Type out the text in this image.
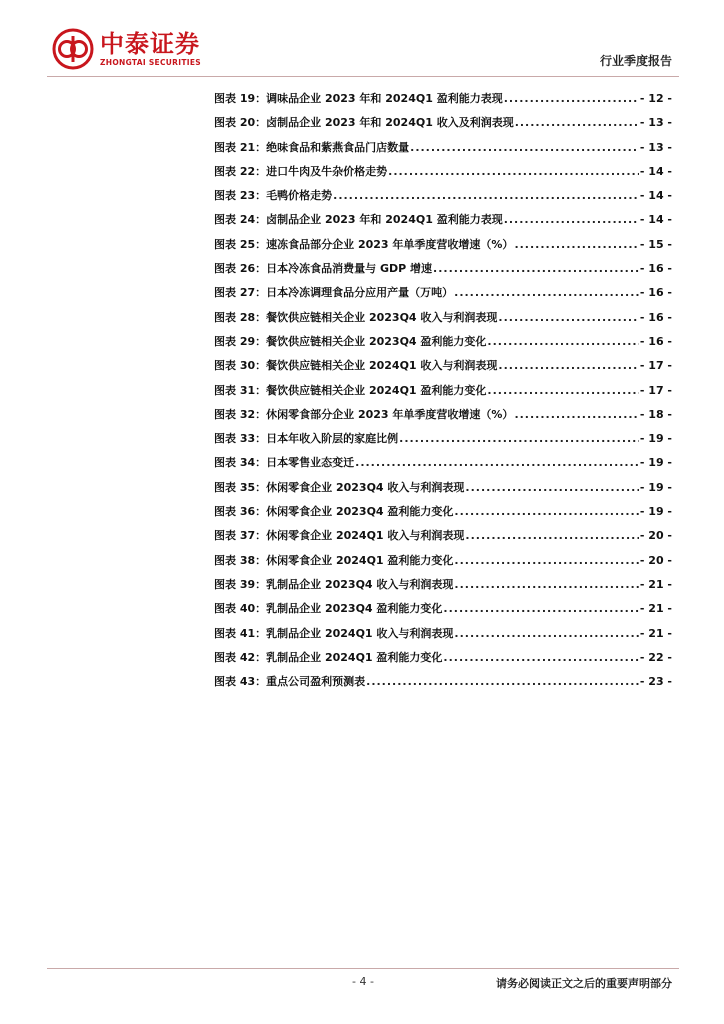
中泰证券
ZHONGTAI SECURITIES	行业季度报告
图表 19：调味品企业 2023 年和 2024Q1 盈利能力表现 .....	- 12 -
图表 20：卤制品企业 2023 年和 2024Q1 收入及利润表现 .....	- 13 -
图表 21：绝味食品和紫燕食品门店数量 .....	- 13 -
图表 22：进口牛肉及牛杂价格走势 .....	- 14 -
图表 23：毛鸭价格走势 .....	- 14 -
图表 24：卤制品企业 2023 年和 2024Q1 盈利能力表现 .....	- 14 -
图表 25：速冻食品部分企业 2023 年单季度营收增速（%） .....	- 15 -
图表 26：日本冷冻食品消费量与 GDP 增速 .....	- 16 -
图表 27：日本冷冻调理食品分应用产量（万吨） .....	- 16 -
图表 28：餐饮供应链相关企业 2023Q4 收入与利润表现 .....	- 16 -
图表 29：餐饮供应链相关企业 2023Q4 盈利能力变化 .....	- 16 -
图表 30：餐饮供应链相关企业 2024Q1 收入与利润表现 .....	- 17 -
图表 31：餐饮供应链相关企业 2024Q1 盈利能力变化 .....	- 17 -
图表 32：休闲零食部分企业 2023 年单季度营收增速（%） .....	- 18 -
图表 33：日本年收入阶层的家庭比例 .....	- 19 -
图表 34：日本零售业态变迁 .....	- 19 -
图表 35：休闲零食企业 2023Q4 收入与利润表现 .....	- 19 -
图表 36：休闲零食企业 2023Q4 盈利能力变化 .....	- 19 -
图表 37：休闲零食企业 2024Q1 收入与利润表现 .....	- 20 -
图表 38：休闲零食企业 2024Q1 盈利能力变化 .....	- 20 -
图表 39：乳制品企业 2023Q4 收入与利润表现 .....	- 21 -
图表 40：乳制品企业 2023Q4 盈利能力变化 .....	- 21 -
图表 41：乳制品企业 2024Q1 收入与利润表现 .....	- 21 -
图表 42：乳制品企业 2024Q1 盈利能力变化 .....	- 22 -
图表 43：重点公司盈利预测表 .....	- 23 -
- 4 -	请务必阅读正文之后的重要声明部分
